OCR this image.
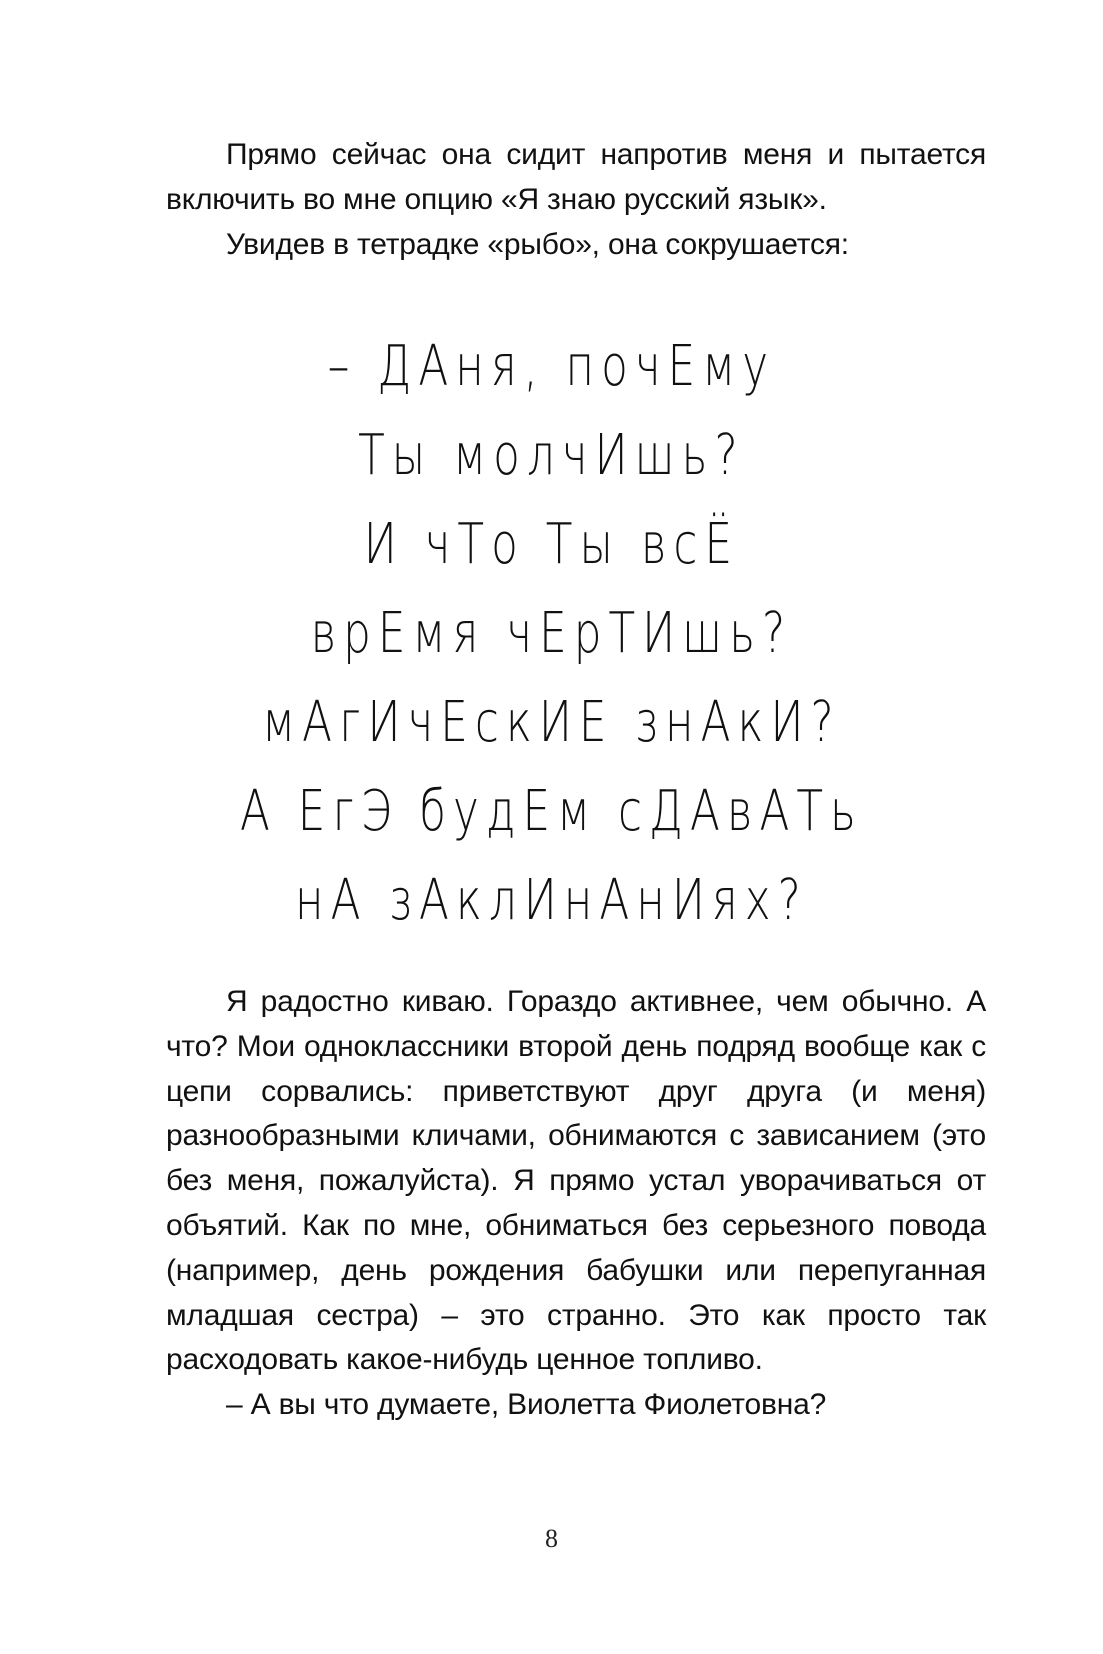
Прямо сейчас она сидит напротив меня и пытается включить во мне опцию «Я знаю русский язык».

Увидев в тетрадке «рыбо», она сокрушается:

– ДАня, почЕму
Ты молчИшь?
И чТо Ты всЁ
врЕмя чЕрТИшь?
мАгИчЕскИЕ знАкИ?
А ЕгЭ будЕм сДАвАТь
нА зАклИнАнИях?

Я радостно киваю. Гораздо активнее, чем обычно. А что? Мои одноклассники второй день подряд вообще как с цепи сорвались: приветствуют друг друга (и меня) разнообразными кличами, обнимаются с зависанием (это без меня, пожалуйста). Я прямо устал уворачиваться от объятий. Как по мне, обниматься без серьезного повода (например, день рождения бабушки или перепуганная младшая сестра) – это странно. Это как просто так расходовать какое-нибудь ценное топливо.

– А вы что думаете, Виолетта Фиолетовна?

8
